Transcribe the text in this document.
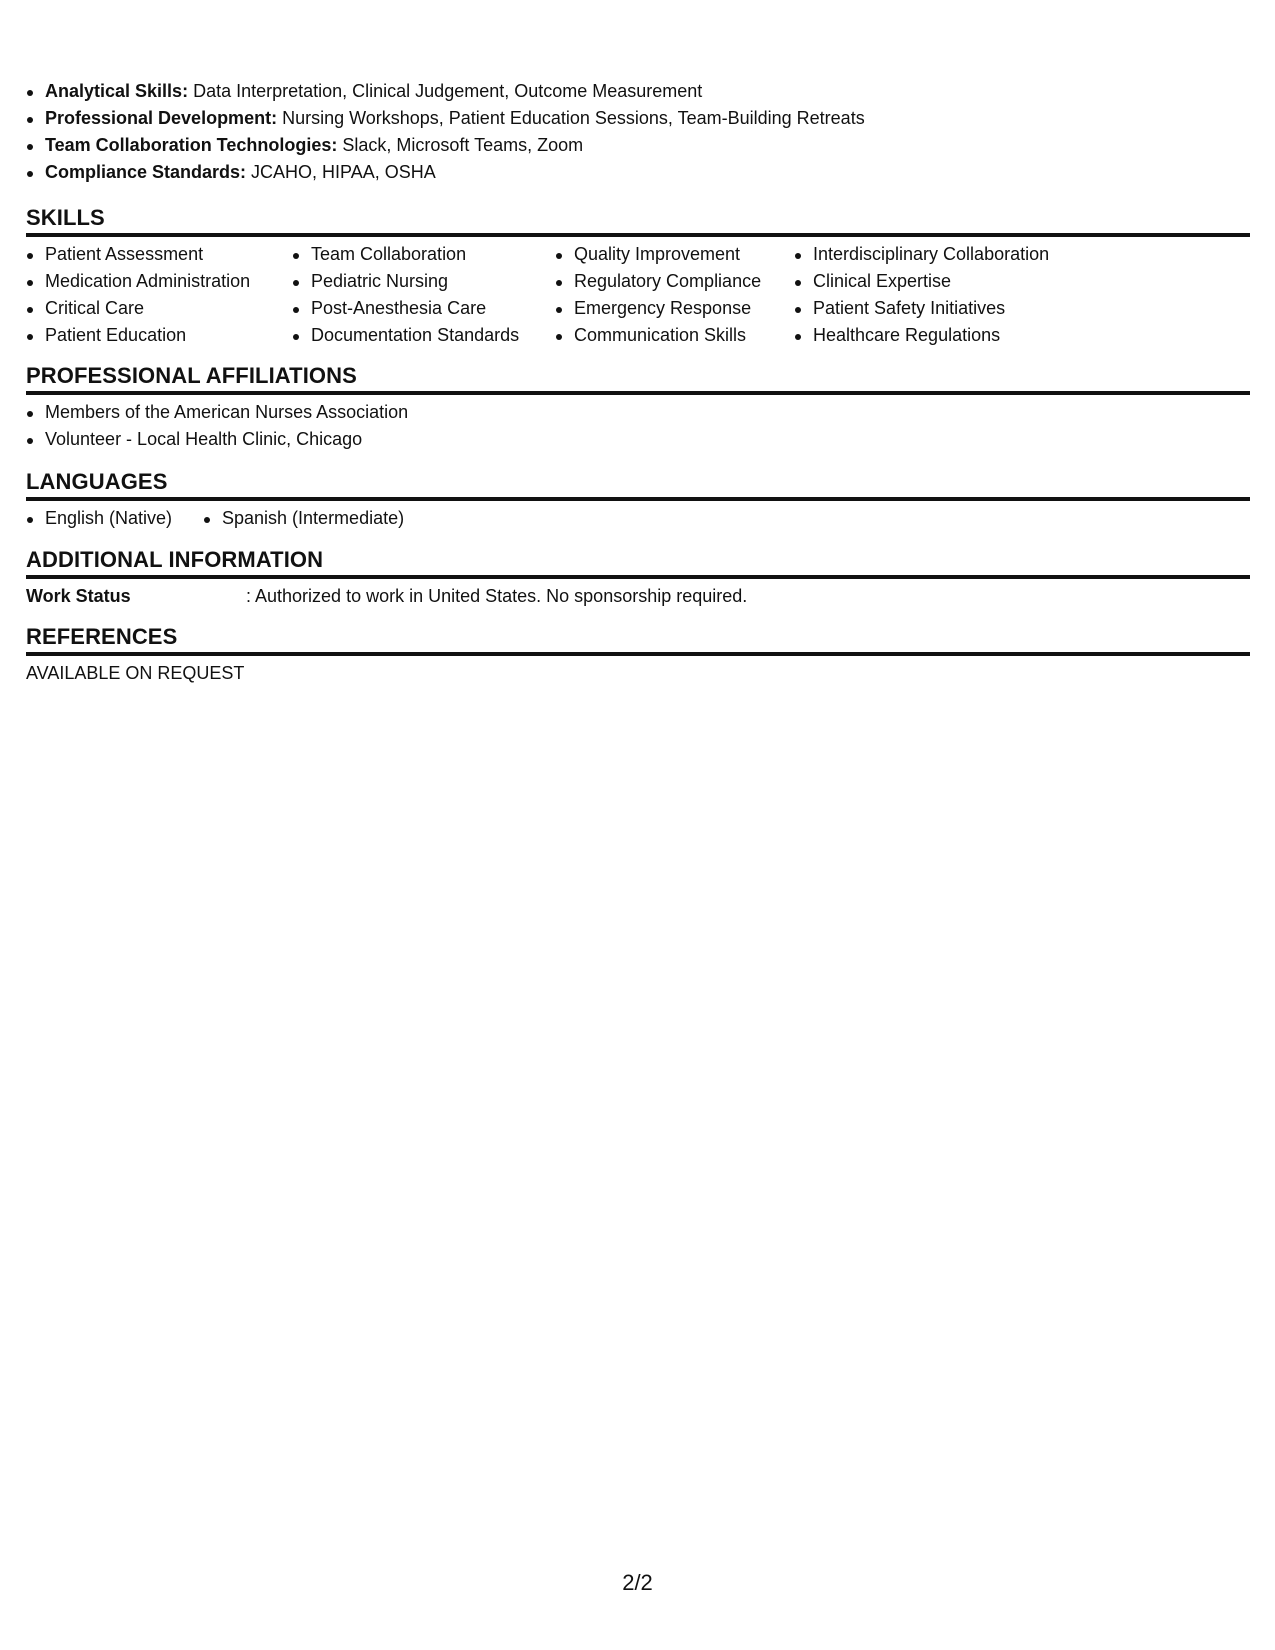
Analytical Skills: Data Interpretation, Clinical Judgement, Outcome Measurement
Professional Development: Nursing Workshops, Patient Education Sessions, Team-Building Retreats
Team Collaboration Technologies: Slack, Microsoft Teams, Zoom
Compliance Standards: JCAHO, HIPAA, OSHA
SKILLS
Patient Assessment
Medication Administration
Critical Care
Patient Education
Team Collaboration
Pediatric Nursing
Post-Anesthesia Care
Documentation Standards
Quality Improvement
Regulatory Compliance
Emergency Response
Communication Skills
Interdisciplinary Collaboration
Clinical Expertise
Patient Safety Initiatives
Healthcare Regulations
PROFESSIONAL AFFILIATIONS
Members of the American Nurses Association
Volunteer - Local Health Clinic, Chicago
LANGUAGES
English (Native)	Spanish (Intermediate)
ADDITIONAL INFORMATION
Work Status	: Authorized to work in United States. No sponsorship required.
REFERENCES
AVAILABLE ON REQUEST
2/2
